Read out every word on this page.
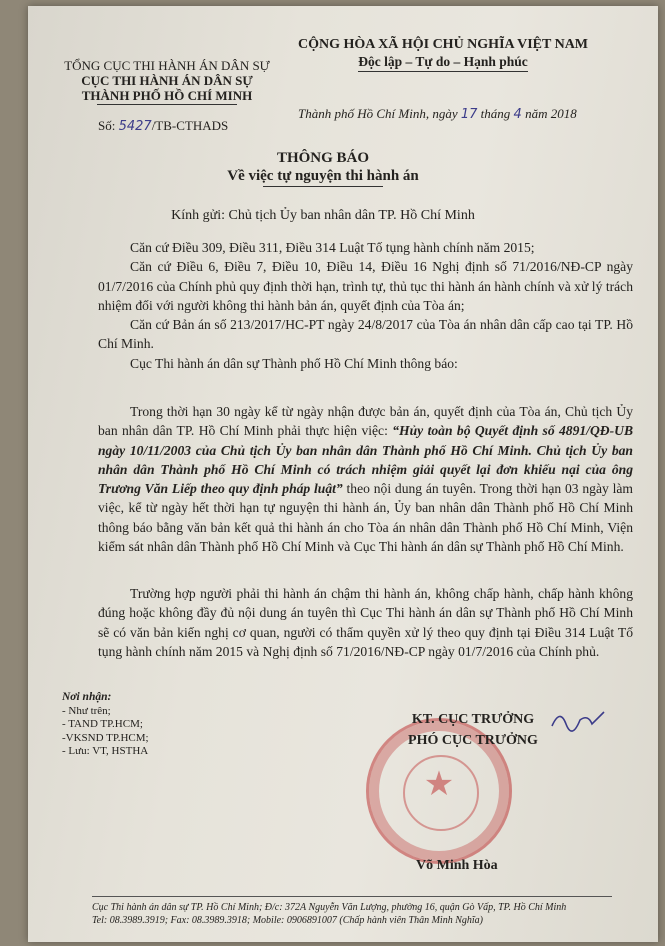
TỔNG CỤC THI HÀNH ÁN DÂN SỰ
CỤC THI HÀNH ÁN DÂN SỰ
THÀNH PHỐ HỒ CHÍ MINH
CỘNG HÒA XÃ HỘI CHỦ NGHĨA VIỆT NAM
Độc lập – Tự do – Hạnh phúc
Thành phố Hồ Chí Minh, ngày 17 tháng 4 năm 2018
Số: 5427/TB-CTHADS
THÔNG BÁO
Về việc tự nguyện thi hành án
Kính gửi: Chủ tịch Ủy ban nhân dân TP. Hồ Chí Minh

Căn cứ Điều 309, Điều 311, Điều 314 Luật Tố tụng hành chính năm 2015;

Căn cứ Điều 6, Điều 7, Điều 10, Điều 14, Điều 16 Nghị định số 71/2016/NĐ-CP ngày 01/7/2016 của Chính phủ quy định thời hạn, trình tự, thủ tục thi hành án hành chính và xử lý trách nhiệm đối với người không thi hành bản án, quyết định của Tòa án;

Căn cứ Bản án số 213/2017/HC-PT ngày 24/8/2017 của Tòa án nhân dân cấp cao tại TP. Hồ Chí Minh.

Cục Thi hành án dân sự Thành phố Hồ Chí Minh thông báo:

Trong thời hạn 30 ngày kể từ ngày nhận được bản án, quyết định của Tòa án, Chủ tịch Ủy ban nhân dân TP. Hồ Chí Minh phải thực hiện việc: “Hủy toàn bộ Quyết định số 4891/QĐ-UB ngày 10/11/2003 của Chủ tịch Ủy ban nhân dân Thành phố Hồ Chí Minh. Chủ tịch Ủy ban nhân dân Thành phố Hồ Chí Minh có trách nhiệm giải quyết lại đơn khiếu nại của ông Trương Văn Liếp theo quy định pháp luật” theo nội dung án tuyên. Trong thời hạn 03 ngày làm việc, kể từ ngày hết thời hạn tự nguyện thi hành án, Ủy ban nhân dân Thành phố Hồ Chí Minh thông báo bằng văn bản kết quả thi hành án cho Tòa án nhân dân Thành phố Hồ Chí Minh, Viện kiểm sát nhân dân Thành phố Hồ Chí Minh và Cục Thi hành án dân sự Thành phố Hồ Chí Minh.

Trường hợp người phải thi hành án chậm thi hành án, không chấp hành, chấp hành không đúng hoặc không đầy đủ nội dung án tuyên thì Cục Thi hành án dân sự Thành phố Hồ Chí Minh sẽ có văn bản kiến nghị cơ quan, người có thẩm quyền xử lý theo quy định tại Điều 314 Luật Tố tụng hành chính năm 2015 và Nghị định số 71/2016/NĐ-CP ngày 01/7/2016 của Chính phủ.

Nơi nhận:
- Như trên;
- TAND TP.HCM;
-VKSND TP.HCM;
- Lưu: VT, HSTHA
★
KT. CỤC TRƯỞNG
PHÓ CỤC TRƯỞNG
Võ Minh Hòa
Cục Thi hành án dân sự TP. Hồ Chí Minh; Đ/c: 372A Nguyễn Văn Lượng, phường 16, quận Gò Vấp, TP. Hồ Chí Minh
Tel: 08.3989.3919; Fax: 08.3989.3918; Mobile: 0906891007 (Chấp hành viên Thân Minh Nghĩa)
